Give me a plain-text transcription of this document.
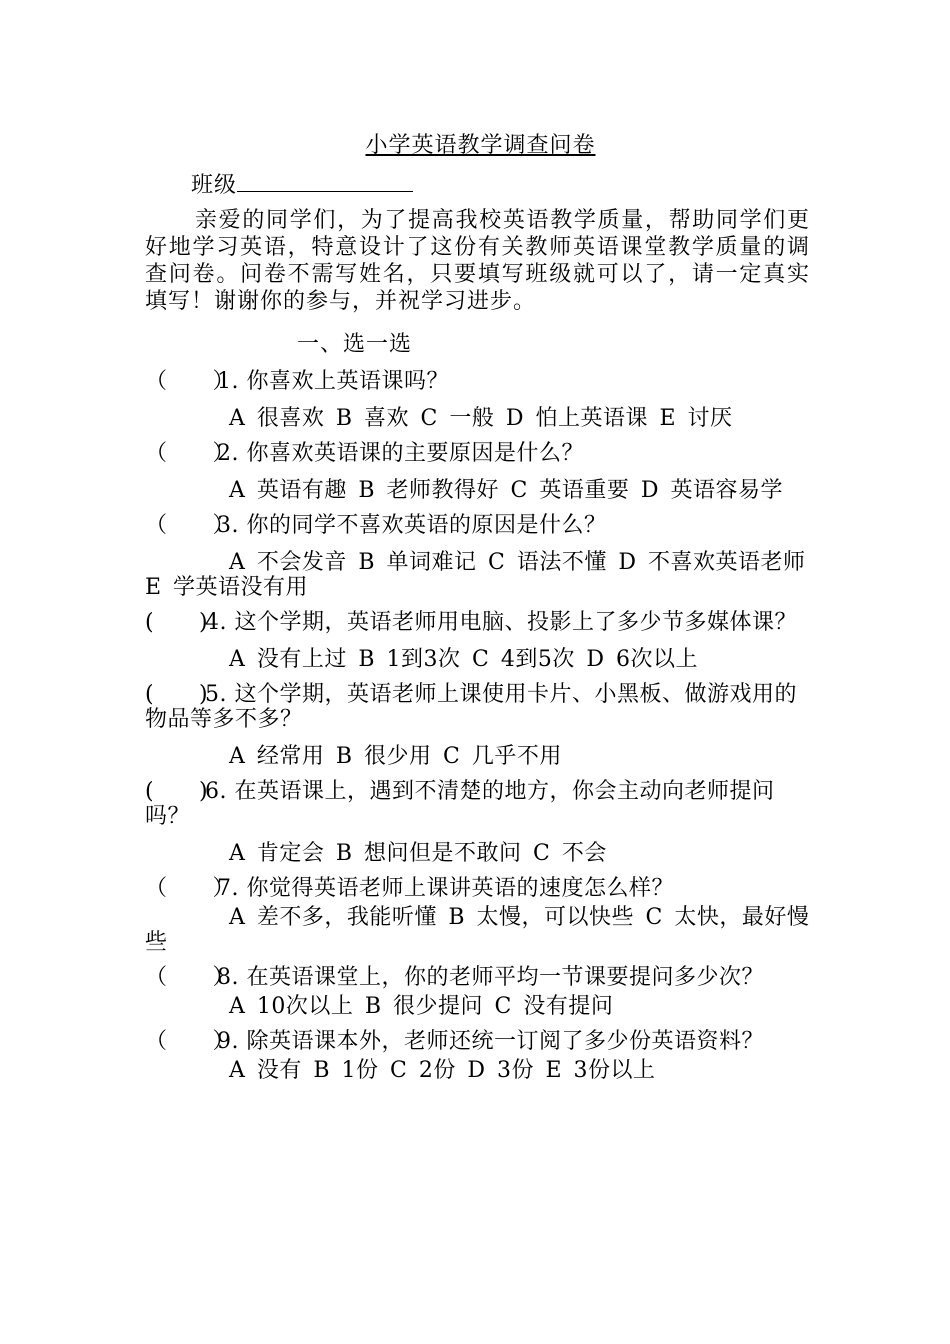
小学英语教学调查问卷
班级
亲爱的同学们，为了提高我校英语教学质量，帮助同学们更好地学习英语，特意设计了这份有关教师英语课堂教学质量的调查问卷。问卷不需写姓名，只要填写班级就可以了，请一定真实填写！谢谢你的参与，并祝学习进步。
一、选一选
（      ）1. 你喜欢上英语课吗？
A 很喜欢 B 喜欢 C 一般 D 怕上英语课 E 讨厌
（      ）2. 你喜欢英语课的主要原因是什么？
A 英语有趣 B 老师教得好 C 英语重要 D 英语容易学
（      ）3. 你的同学不喜欢英语的原因是什么？
A 不会发音 B 单词难记 C 语法不懂 D 不喜欢英语老师 E 学英语没有用
(      )4. 这个学期，英语老师用电脑、投影上了多少节多媒体课？
A 没有上过 B 1到3次 C 4到5次 D 6次以上
(      )5. 这个学期，英语老师上课使用卡片、小黑板、做游戏用的物品等多不多？
A 经常用 B 很少用 C 几乎不用
(      )6. 在英语课上，遇到不清楚的地方，你会主动向老师提问吗？
A 肯定会 B 想问但是不敢问 C 不会
（      ）7. 你觉得英语老师上课讲英语的速度怎么样？
A 差不多，我能听懂 B 太慢，可以快些 C 太快，最好慢些
（      ）8. 在英语课堂上，你的老师平均一节课要提问多少次？
A 10次以上 B 很少提问 C 没有提问
（      ）9. 除英语课本外，老师还统一订阅了多少份英语资料？
A 没有 B 1份 C 2份 D 3份 E 3份以上
